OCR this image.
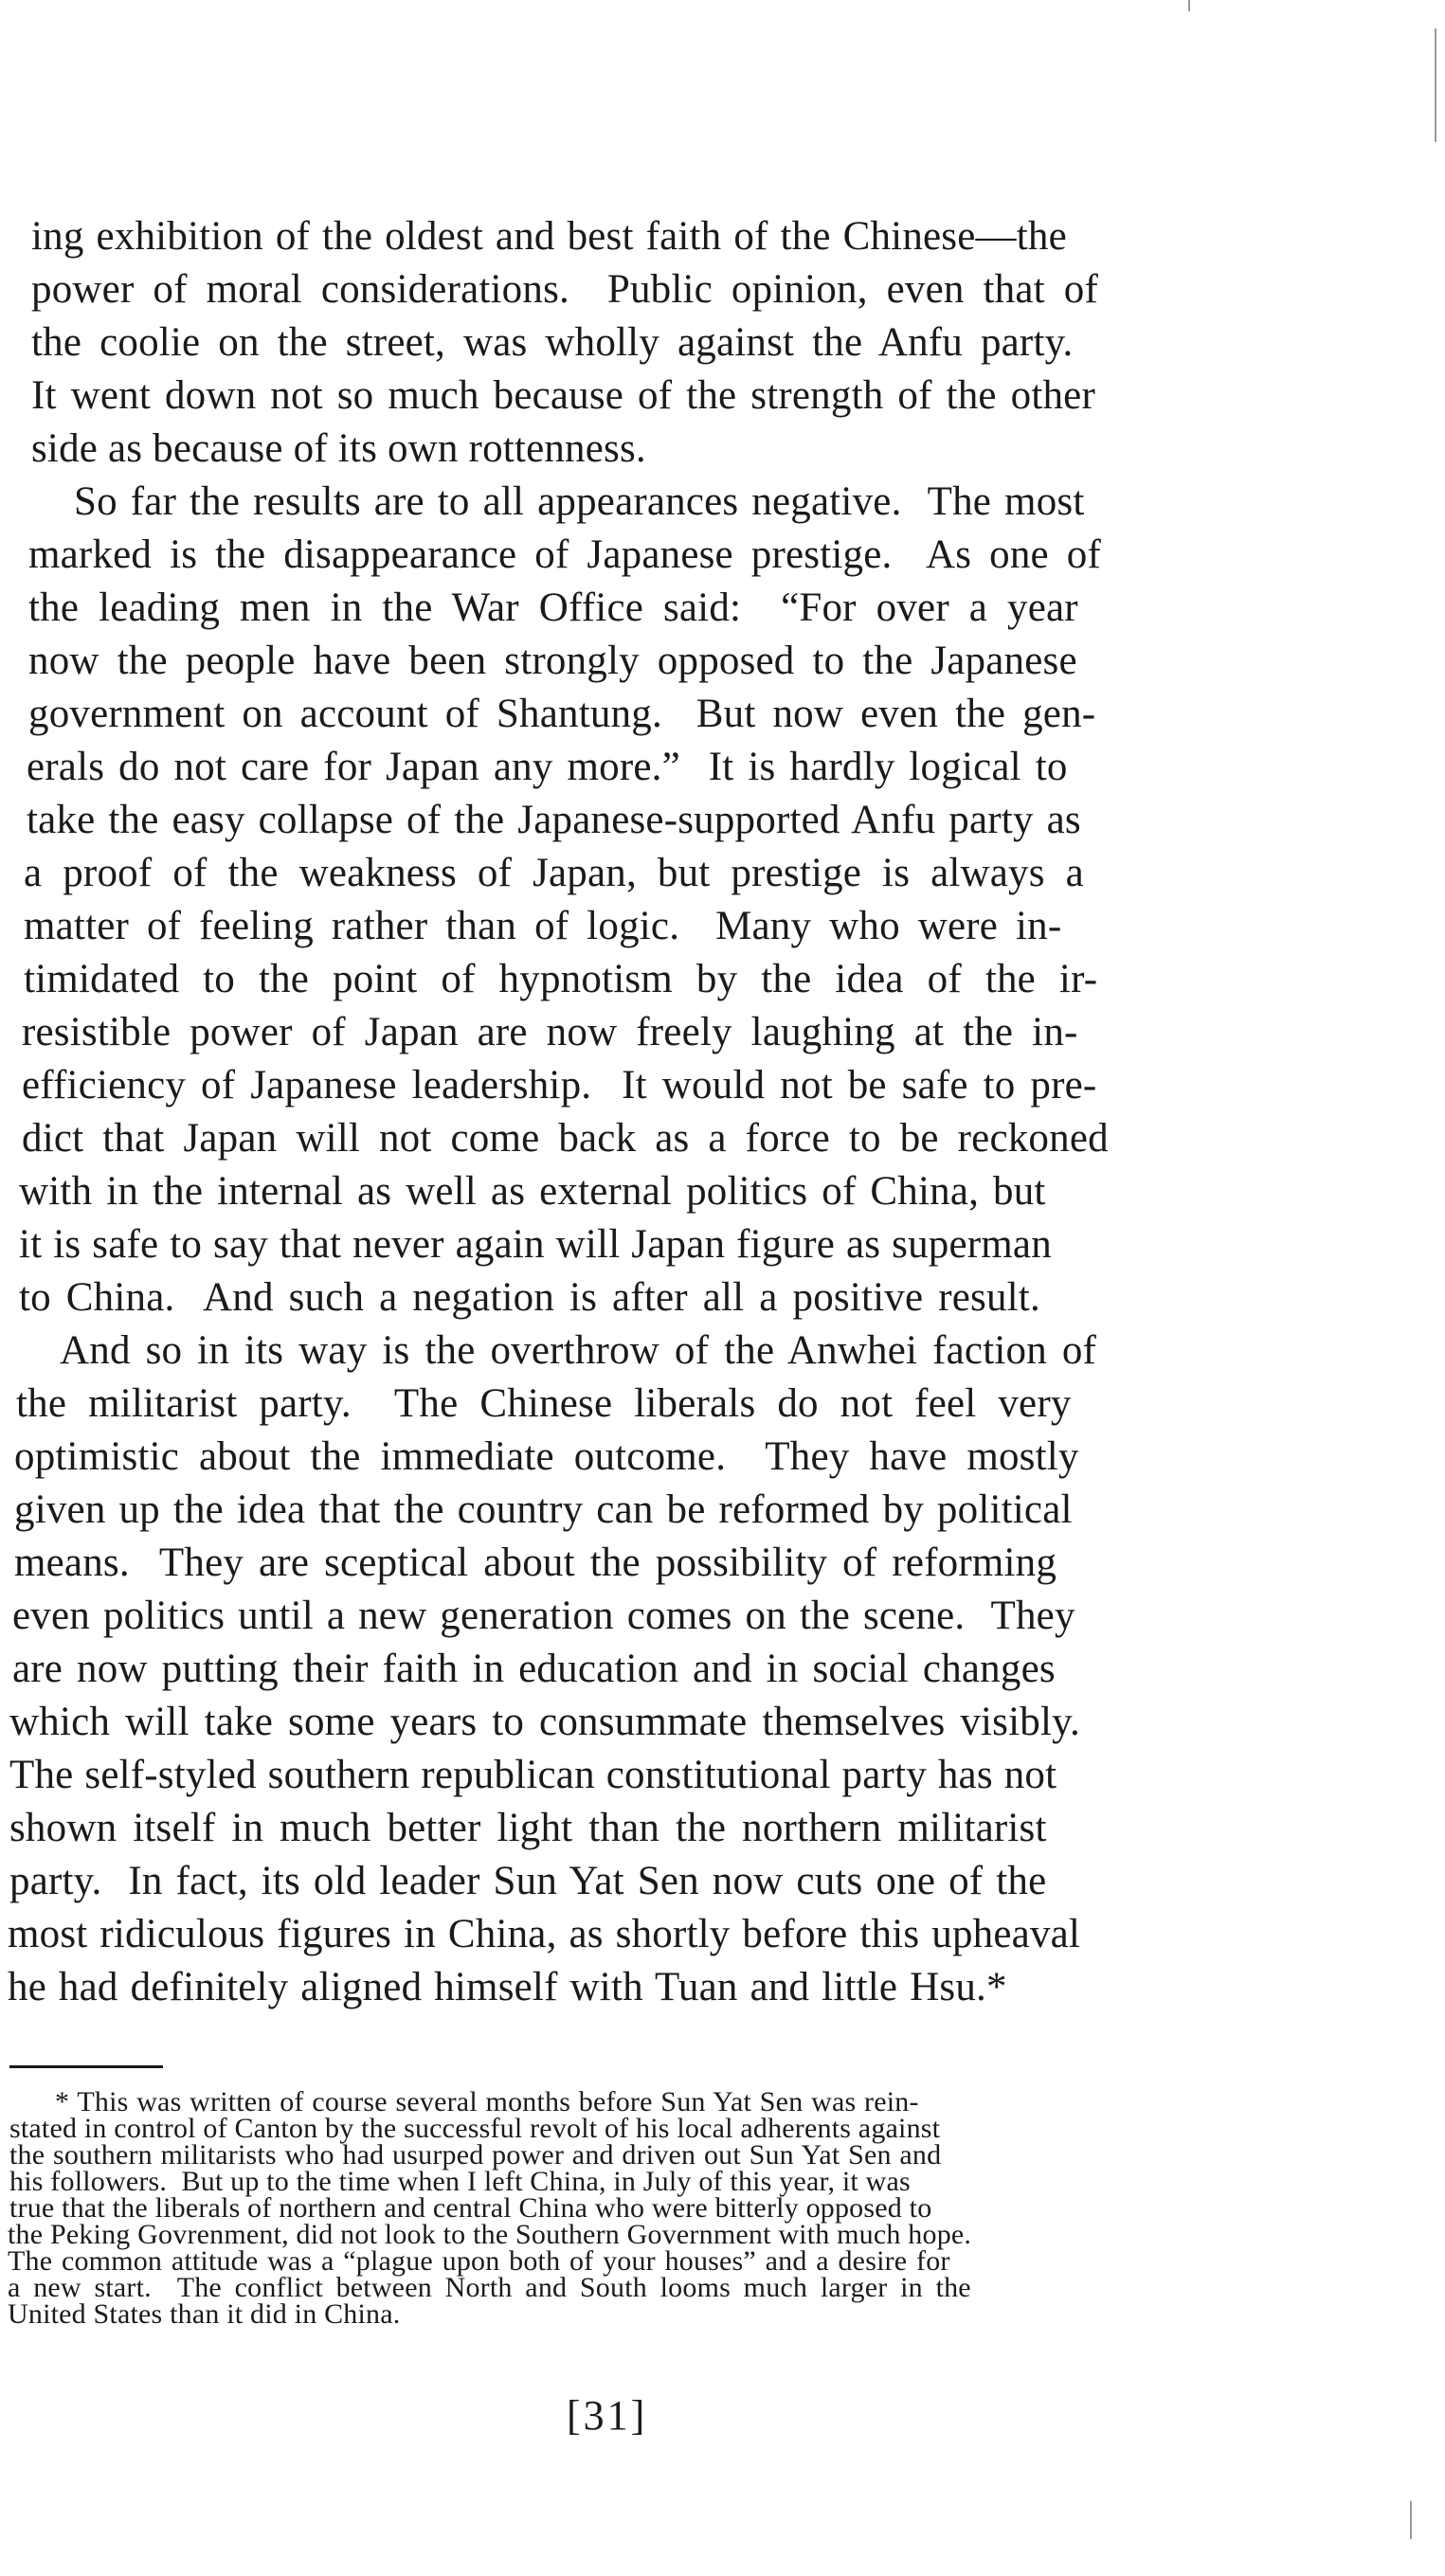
ing exhibition of the oldest and best faith of the Chinese—the
power of moral considerations.  Public opinion, even that of
the coolie on the street, was wholly against the Anfu party.
It went down not so much because of the strength of the other
side as because of its own rottenness.
So far the results are to all appearances negative.  The most
marked is the disappearance of Japanese prestige.  As one of
the leading men in the War Office said:  “For over a year
now the people have been strongly opposed to the Japanese
government on account of Shantung.  But now even the gen-
erals do not care for Japan any more.”  It is hardly logical to
take the easy collapse of the Japanese-supported Anfu party as
a proof of the weakness of Japan, but prestige is always a
matter of feeling rather than of logic.  Many who were in-
timidated to the point of hypnotism by the idea of the ir-
resistible power of Japan are now freely laughing at the in-
efficiency of Japanese leadership.  It would not be safe to pre-
dict that Japan will not come back as a force to be reckoned
with in the internal as well as external politics of China, but
it is safe to say that never again will Japan figure as superman
to China.  And such a negation is after all a positive result.
And so in its way is the overthrow of the Anwhei faction of
the militarist party.  The Chinese liberals do not feel very
optimistic about the immediate outcome.  They have mostly
given up the idea that the country can be reformed by political
means.  They are sceptical about the possibility of reforming
even politics until a new generation comes on the scene.  They
are now putting their faith in education and in social changes
which will take some years to consummate themselves visibly.
The self-styled southern republican constitutional party has not
shown itself in much better light than the northern militarist
party.  In fact, its old leader Sun Yat Sen now cuts one of the
most ridiculous figures in China, as shortly before this upheaval
he had definitely aligned himself with Tuan and little Hsu.*
* This was written of course several months before Sun Yat Sen was rein-
stated in control of Canton by the successful revolt of his local adherents against
the southern militarists who had usurped power and driven out Sun Yat Sen and
his followers.  But up to the time when I left China, in July of this year, it was
true that the liberals of northern and central China who were bitterly opposed to
the Peking Govrenment, did not look to the Southern Government with much hope.
The common attitude was a “plague upon both of your houses” and a desire for
a new start.  The conflict between North and South looms much larger in the
United States than it did in China.
[31]
